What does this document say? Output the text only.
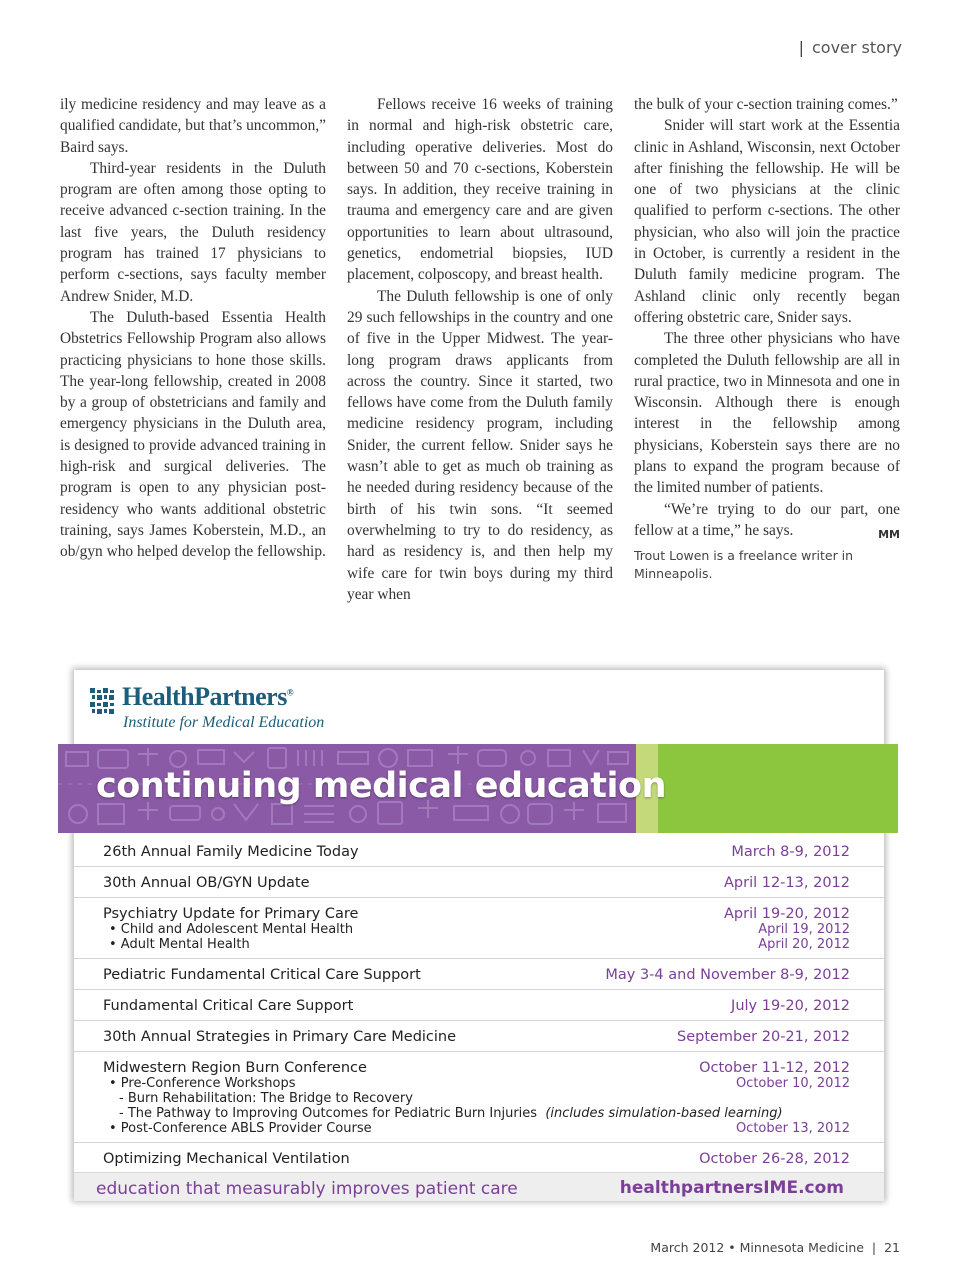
| cover story

ily medicine residency and may leave as a qualified candidate, but that’s uncommon,” Baird says.

Third-year residents in the Duluth program are often among those opting to receive advanced c-section training. In the last five years, the Duluth residency program has trained 17 physicians to perform c-sections, says faculty member Andrew Snider, M.D.

The Duluth-based Essentia Health Obstetrics Fellowship Program also allows practicing physicians to hone those skills. The year-long fellowship, created in 2008 by a group of obstetricians and family and emergency physicians in the Duluth area, is designed to provide advanced training in high-risk and surgical deliveries. The program is open to any physician post-residency who wants additional obstetric training, says James Koberstein, M.D., an ob/gyn who helped develop the fellowship.

Fellows receive 16 weeks of training in normal and high-risk obstetric care, including operative deliveries. Most do between 50 and 70 c-sections, Koberstein says. In addition, they receive training in trauma and emergency care and are given opportunities to learn about ultrasound, genetics, endometrial biopsies, IUD placement, colposcopy, and breast health.

The Duluth fellowship is one of only 29 such fellowships in the country and one of five in the Upper Midwest. The year-long program draws applicants from across the country. Since it started, two fellows have come from the Duluth family medicine residency program, including Snider, the current fellow. Snider says he wasn’t able to get as much ob training as he needed during residency because of the birth of his twin sons. “It seemed overwhelming to try to do residency, as hard as residency is, and then help my wife care for twin boys during my third year when

the bulk of your c-section training comes.”

Snider will start work at the Essentia clinic in Ashland, Wisconsin, next October after finishing the fellowship. He will be one of two physicians at the clinic qualified to perform c-sections. The other physician, who also will join the practice in October, is currently a resident in the Duluth family medicine program. The Ashland clinic only recently began offering obstetric care, Snider says.

The three other physicians who have completed the Duluth fellowship are all in rural practice, two in Minnesota and one in Wisconsin. Although there is enough interest in the fellowship among physicians, Koberstein says there are no plans to expand the program because of the limited number of patients.

“We’re trying to do our part, one fellow at a time,” he says.	MM

Trout Lowen is a freelance writer in Minneapolis.
HealthPartners®
Institute for Medical Education
continuing medical education
26th Annual Family Medicine Today	March 8-9, 2012
30th Annual OB/GYN Update	April 12-13, 2012
Psychiatry Update for Primary Care	April 19-20, 2012
• Child and Adolescent Mental Health	April 19, 2012
• Adult Mental Health	April 20, 2012
Pediatric Fundamental Critical Care Support	May 3-4 and November 8-9, 2012
Fundamental Critical Care Support	July 19-20, 2012
30th Annual Strategies in Primary Care Medicine	September 20-21, 2012
Midwestern Region Burn Conference	October 11-12, 2012
• Pre-Conference Workshops	October 10, 2012
- Burn Rehabilitation: The Bridge to Recovery
- The Pathway to Improving Outcomes for Pediatric Burn Injuries (includes simulation-based learning)
• Post-Conference ABLS Provider Course	October 13, 2012
Optimizing Mechanical Ventilation	October 26-28, 2012
education that measurably improves patient care	healthpartnersIME.com
March 2012 • Minnesota Medicine  |  21
